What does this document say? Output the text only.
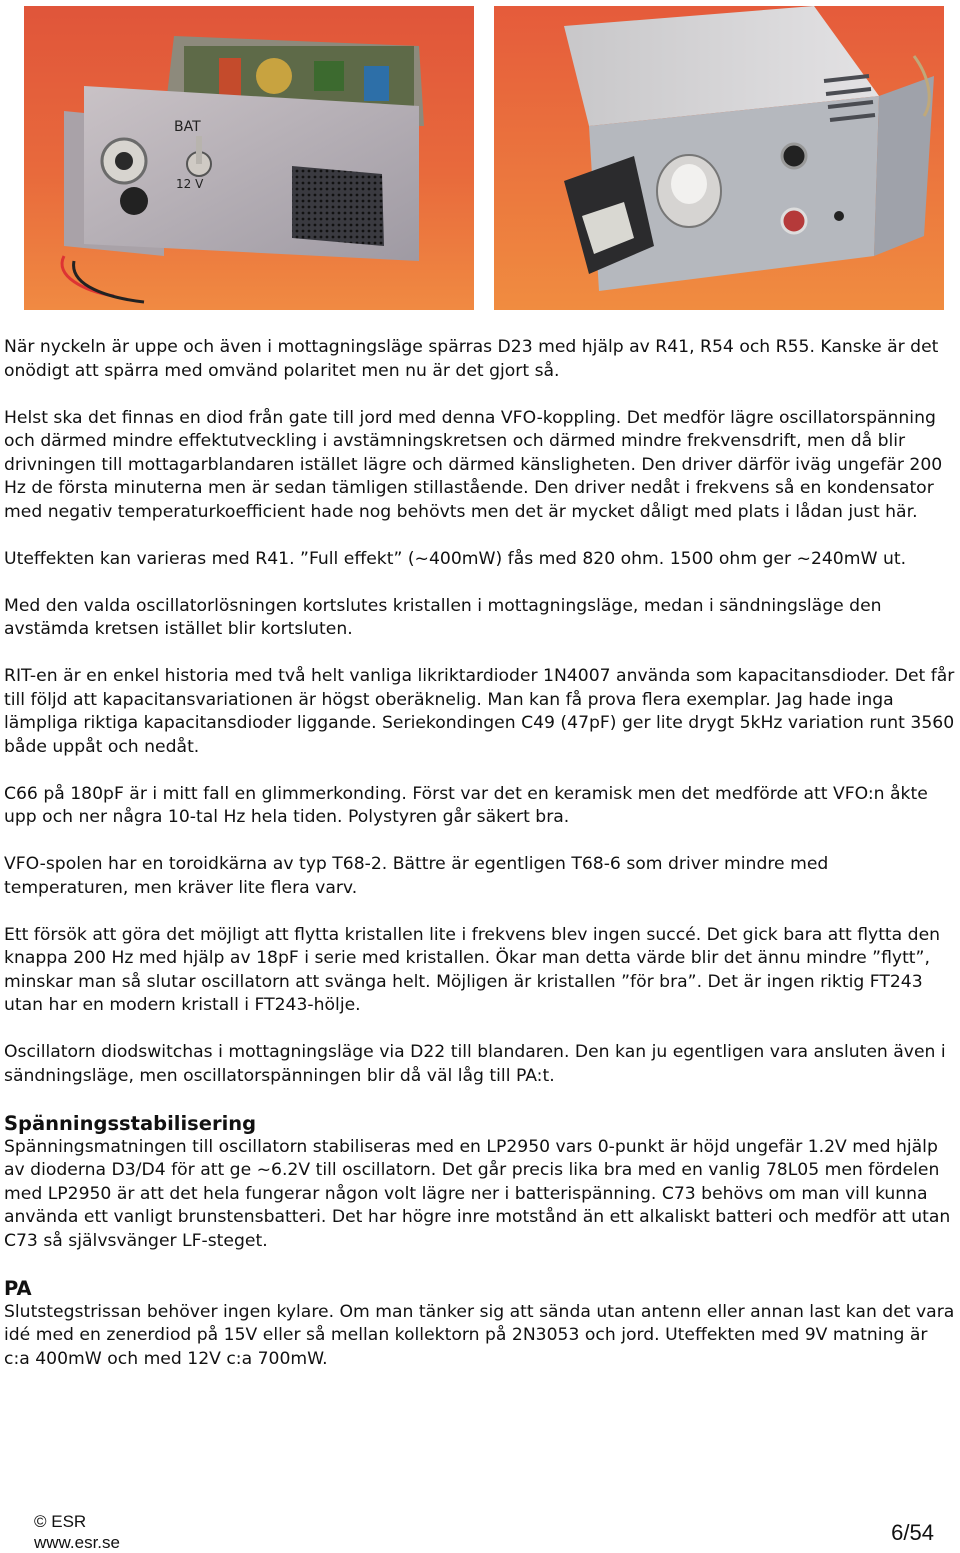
BAT
12 V

När nyckeln är uppe och även i mottagningsläge spärras D23 med hjälp av R41, R54 och R55. Kanske är det onödigt att spärra med omvänd polaritet men nu är det gjort så.

Helst ska det finnas en diod från gate till jord med denna VFO-koppling. Det medför lägre oscillatorspänning och därmed mindre effektutveckling i avstämningskretsen och därmed mindre frekvensdrift, men då blir drivningen till mottagarblandaren istället lägre och därmed känsligheten. Den driver därför iväg ungefär 200 Hz de första minuterna men är sedan tämligen stillastående. Den driver nedåt i frekvens så en kondensator med negativ temperaturkoefficient hade nog behövts men det är mycket dåligt med plats i lådan just här.

Uteffekten kan varieras med R41. ”Full effekt” (~400mW) fås med 820 ohm. 1500 ohm ger ~240mW ut.

Med den valda oscillatorlösningen kortslutes kristallen i mottagningsläge, medan i sändningsläge den avstämda kretsen istället blir kortsluten.

RIT-en är en enkel historia med två helt vanliga likriktardioder 1N4007 använda som kapacitansdioder. Det får till följd att kapacitansvariationen är högst oberäknelig. Man kan få prova flera exemplar. Jag hade inga lämpliga riktiga kapacitansdioder liggande. Seriekondingen C49 (47pF) ger lite drygt 5kHz variation runt 3560 både uppåt och nedåt.

C66 på 180pF är i mitt fall en glimmerkonding. Först var det en keramisk men det medförde att VFO:n åkte upp och ner några 10-tal Hz hela tiden. Polystyren går säkert bra.

VFO-spolen har en toroidkärna av typ T68-2. Bättre är egentligen T68-6 som driver mindre med temperaturen, men kräver lite flera varv.

Ett försök att göra det möjligt att flytta kristallen lite i frekvens blev ingen succé. Det gick bara att flytta den knappa 200 Hz med hjälp av 18pF i serie med kristallen. Ökar man detta värde blir det ännu mindre ”flytt”, minskar man så slutar oscillatorn att svänga helt. Möjligen är kristallen ”för bra”. Det är ingen riktig FT243 utan har en modern kristall i FT243-hölje.

Oscillatorn diodswitchas i mottagningsläge via D22 till blandaren. Den kan ju egentligen vara ansluten även i sändningsläge, men oscillatorspänningen blir då väl låg till PA:t.

Spänningsstabilisering

Spänningsmatningen till oscillatorn stabiliseras med en LP2950 vars 0-punkt är höjd ungefär 1.2V med hjälp av dioderna D3/D4 för att ge ~6.2V till oscillatorn. Det går precis lika bra med en vanlig 78L05 men fördelen med LP2950 är att det hela fungerar någon volt lägre ner i batterispänning. C73 behövs om man vill kunna använda ett vanligt brunstensbatteri. Det har högre inre motstånd än ett alkaliskt batteri och medför att utan C73 så självsvänger LF-steget.

PA

Slutstegstrissan behöver ingen kylare. Om man tänker sig att sända utan antenn eller annan last kan det vara idé med en zenerdiod på 15V eller så mellan kollektorn på 2N3053 och jord. Uteffekten med 9V matning är c:a 400mW och med 12V c:a 700mW.

© ESR
www.esr.se	6/54
